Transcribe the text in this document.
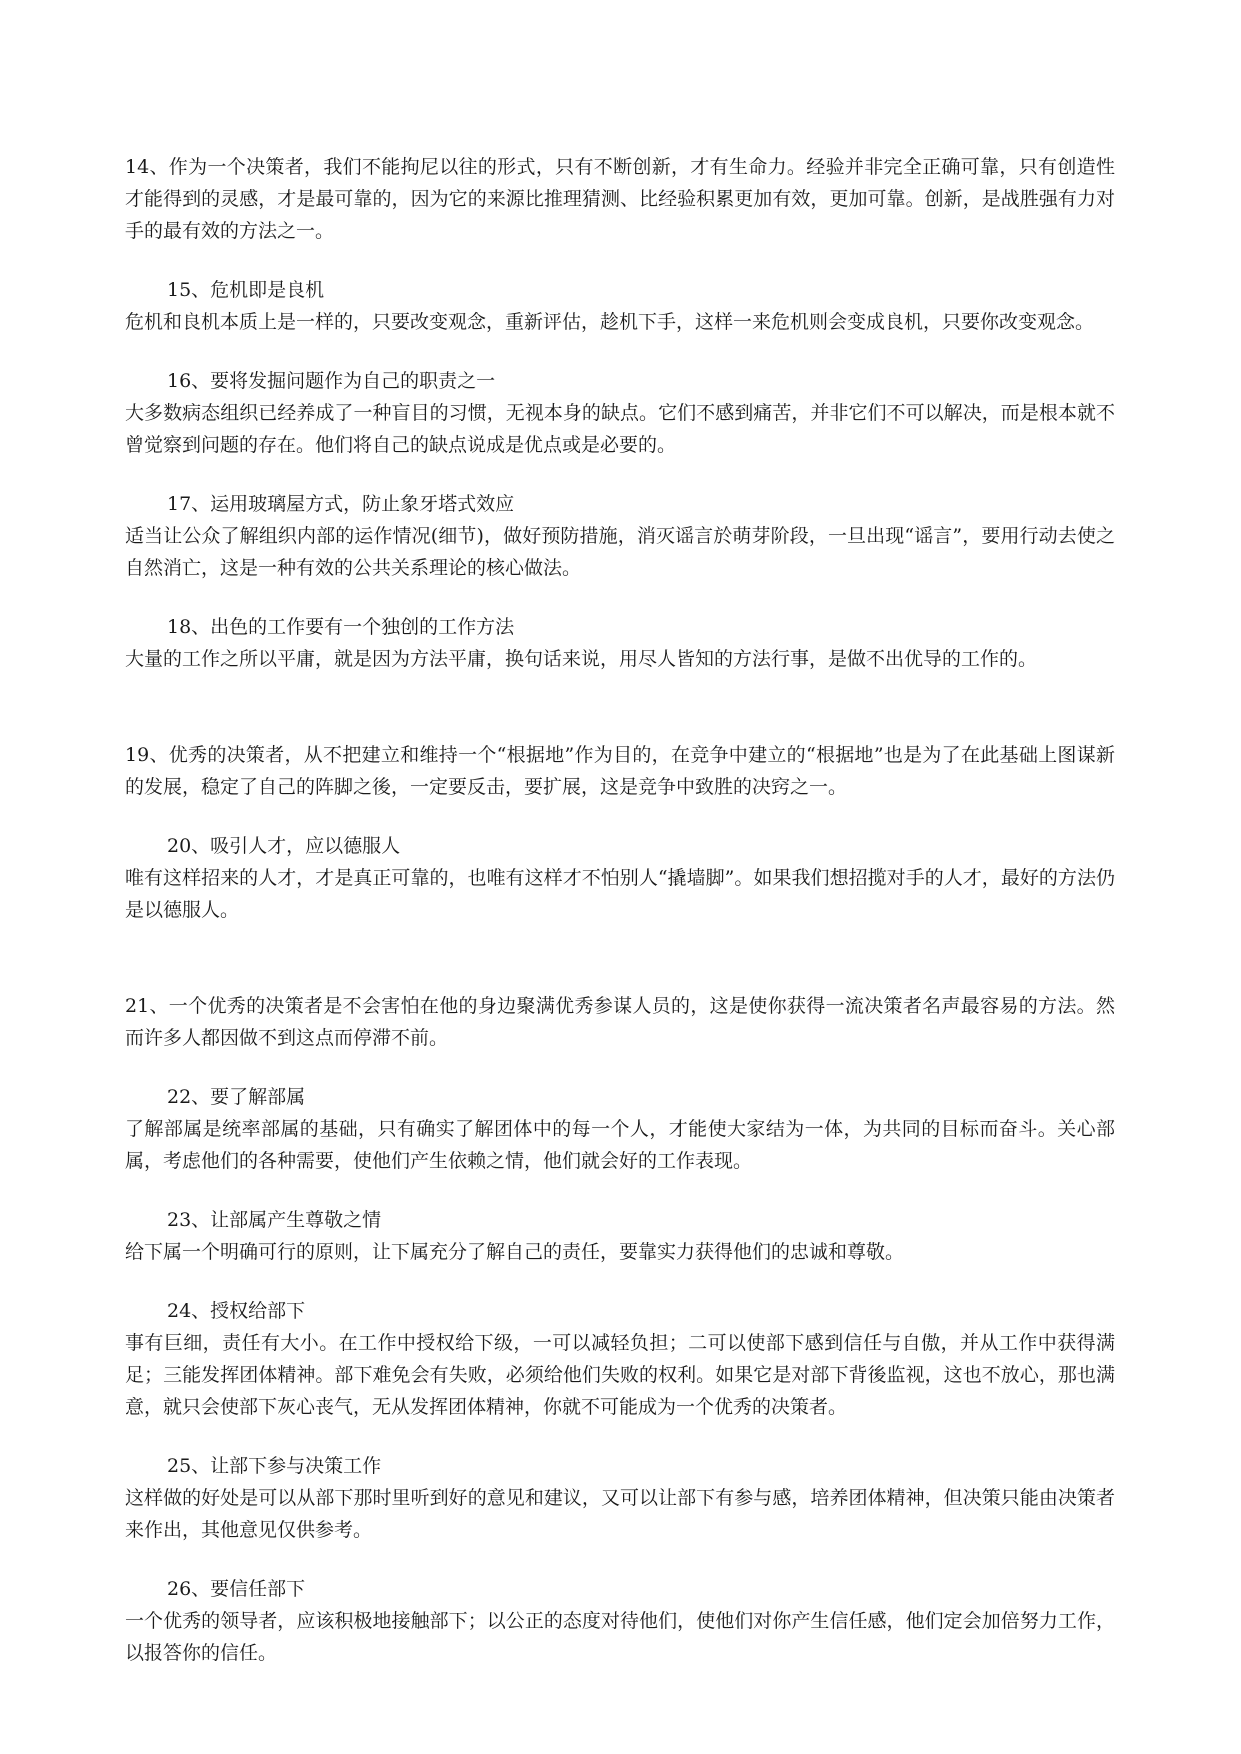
14、作为一个决策者，我们不能拘尼以往的形式，只有不断创新，才有生命力。经验并非完全正确可靠，只有创造性才能得到的灵感，才是最可靠的，因为它的来源比推理猜测、比经验积累更加有效，更加可靠。创新，是战胜强有力对手的最有效的方法之一。

15、危机即是良机

危机和良机本质上是一样的，只要改变观念，重新评估，趁机下手，这样一来危机则会变成良机，只要你改变观念。

16、要将发掘问题作为自己的职责之一

大多数病态组织已经养成了一种盲目的习惯，无视本身的缺点。它们不感到痛苦，并非它们不可以解决，而是根本就不曾觉察到问题的存在。他们将自己的缺点说成是优点或是必要的。

17、运用玻璃屋方式，防止象牙塔式效应

适当让公众了解组织内部的运作情况(细节)，做好预防措施，消灭谣言於萌芽阶段，一旦出现“谣言”，要用行动去使之自然消亡，这是一种有效的公共关系理论的核心做法。

18、出色的工作要有一个独创的工作方法

大量的工作之所以平庸，就是因为方法平庸，换句话来说，用尽人皆知的方法行事，是做不出优导的工作的。

19、优秀的决策者，从不把建立和维持一个“根据地”作为目的，在竞争中建立的“根据地”也是为了在此基础上图谋新的发展，稳定了自己的阵脚之後，一定要反击，要扩展，这是竞争中致胜的决窍之一。

20、吸引人才，应以德服人

唯有这样招来的人才，才是真正可靠的，也唯有这样才不怕别人“撬墙脚”。如果我们想招揽对手的人才，最好的方法仍是以德服人。

21、一个优秀的决策者是不会害怕在他的身边聚满优秀参谋人员的，这是使你获得一流决策者名声最容易的方法。然而许多人都因做不到这点而停滞不前。

22、要了解部属

了解部属是统率部属的基础，只有确实了解团体中的每一个人，才能使大家结为一体，为共同的目标而奋斗。关心部属，考虑他们的各种需要，使他们产生依赖之情，他们就会好的工作表现。

23、让部属产生尊敬之情

给下属一个明确可行的原则，让下属充分了解自己的责任，要靠实力获得他们的忠诚和尊敬。

24、授权给部下

事有巨细，责任有大小。在工作中授权给下级，一可以减轻负担；二可以使部下感到信任与自傲，并从工作中获得满足；三能发挥团体精神。部下难免会有失败，必须给他们失败的权利。如果它是对部下背後监视，这也不放心，那也满意，就只会使部下灰心丧气，无从发挥团体精神，你就不可能成为一个优秀的决策者。

25、让部下参与决策工作

这样做的好处是可以从部下那时里听到好的意见和建议，又可以让部下有参与感，培养团体精神，但决策只能由决策者来作出，其他意见仅供参考。

26、要信任部下

一个优秀的领导者，应该积极地接触部下；以公正的态度对待他们，使他们对你产生信任感，他们定会加倍努力工作，以报答你的信任。
